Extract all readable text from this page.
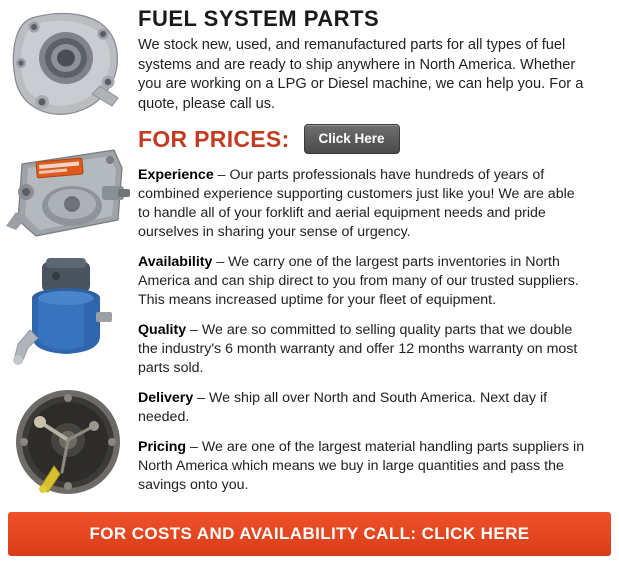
FUEL SYSTEM PARTS

We stock new, used, and remanufactured parts for all types of fuel systems and are ready to ship anywhere in North America. Whether you are working on a LPG or Diesel machine, we can help you. For a quote, please call us.

FOR PRICES:	Click Here

Experience – Our parts professionals have hundreds of years of combined experience supporting customers just like you! We are able to handle all of your forklift and aerial equipment needs and pride ourselves in sharing your sense of urgency.

Availability – We carry one of the largest parts inventories in North America and can ship direct to you from many of our trusted suppliers. This means increased uptime for your fleet of equipment.

Quality – We are so committed to selling quality parts that we double the industry's 6 month warranty and offer 12 months warranty on most parts sold.

Delivery – We ship all over North and South America. Next day if needed.

Pricing – We are one of the largest material handling parts suppliers in North America which means we buy in large quantities and pass the savings onto you.

FOR COSTS AND AVAILABILITY CALL: CLICK HERE
